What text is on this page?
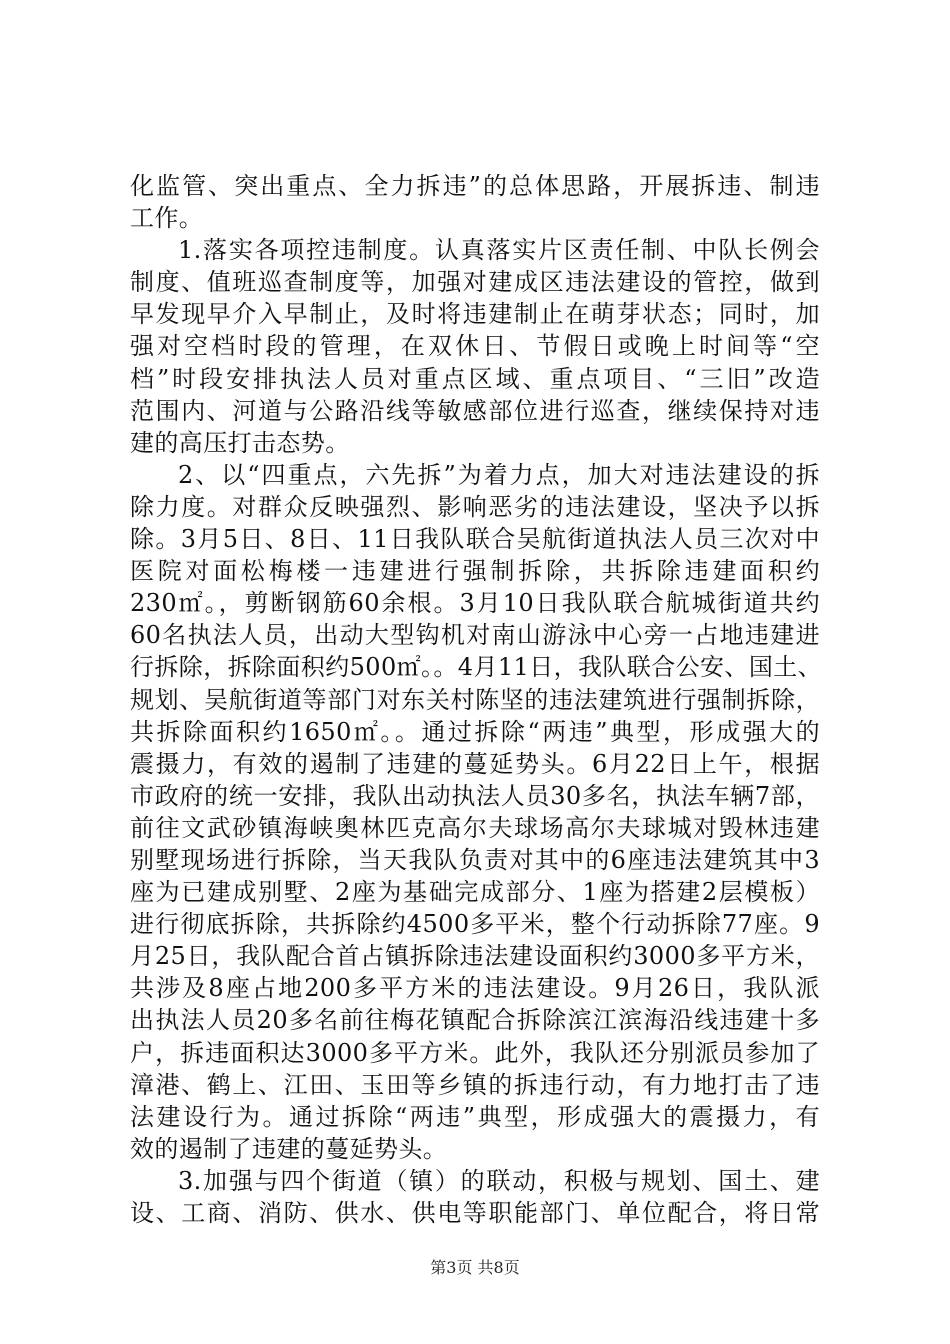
化监管、突出重点、全力拆违”的总体思路，开展拆违、制违
工作。
1.落实各项控违制度。认真落实片区责任制、中队长例会
制度、值班巡查制度等，加强对建成区违法建设的管控，做到
早发现早介入早制止，及时将违建制止在萌芽状态；同时，加
强对空档时段的管理，在双休日、节假日或晚上时间等“空
档”时段安排执法人员对重点区域、重点项目、“三旧”改造
范围内、河道与公路沿线等敏感部位进行巡查，继续保持对违
建的高压打击态势。
2、以“四重点，六先拆”为着力点，加大对违法建设的拆
除力度。对群众反映强烈、影响恶劣的违法建设，坚决予以拆
除。3月5日、8日、11日我队联合吴航街道执法人员三次对中
医院对面松梅楼一违建进行强制拆除，共拆除违建面积约
230㎡。，剪断钢筋60余根。3月10日我队联合航城街道共约
60名执法人员，出动大型钩机对南山游泳中心旁一占地违建进
行拆除，拆除面积约500㎡。。4月11日，我队联合公安、国土、
规划、吴航街道等部门对东关村陈坚的违法建筑进行强制拆除，
共拆除面积约1650㎡。。通过拆除“两违”典型，形成强大的
震摄力，有效的遏制了违建的蔓延势头。6月22日上午，根据
市政府的统一安排，我队出动执法人员30多名，执法车辆7部，
前往文武砂镇海峡奥林匹克高尔夫球场高尔夫球城对毁林违建
别墅现场进行拆除，当天我队负责对其中的6座违法建筑其中3
座为已建成别墅、2座为基础完成部分、1座为搭建2层模板）
进行彻底拆除，共拆除约4500多平米，整个行动拆除77座。9
月25日，我队配合首占镇拆除违法建设面积约3000多平方米，
共涉及8座占地200多平方米的违法建设。9月26日，我队派
出执法人员20多名前往梅花镇配合拆除滨江滨海沿线违建十多
户，拆违面积达3000多平方米。此外，我队还分别派员参加了
漳港、鹤上、江田、玉田等乡镇的拆违行动，有力地打击了违
法建设行为。通过拆除“两违”典型，形成强大的震摄力，有
效的遏制了违建的蔓延势头。
3.加强与四个街道（镇）的联动，积极与规划、国土、建
设、工商、消防、供水、供电等职能部门、单位配合，将日常
第3页 共8页
